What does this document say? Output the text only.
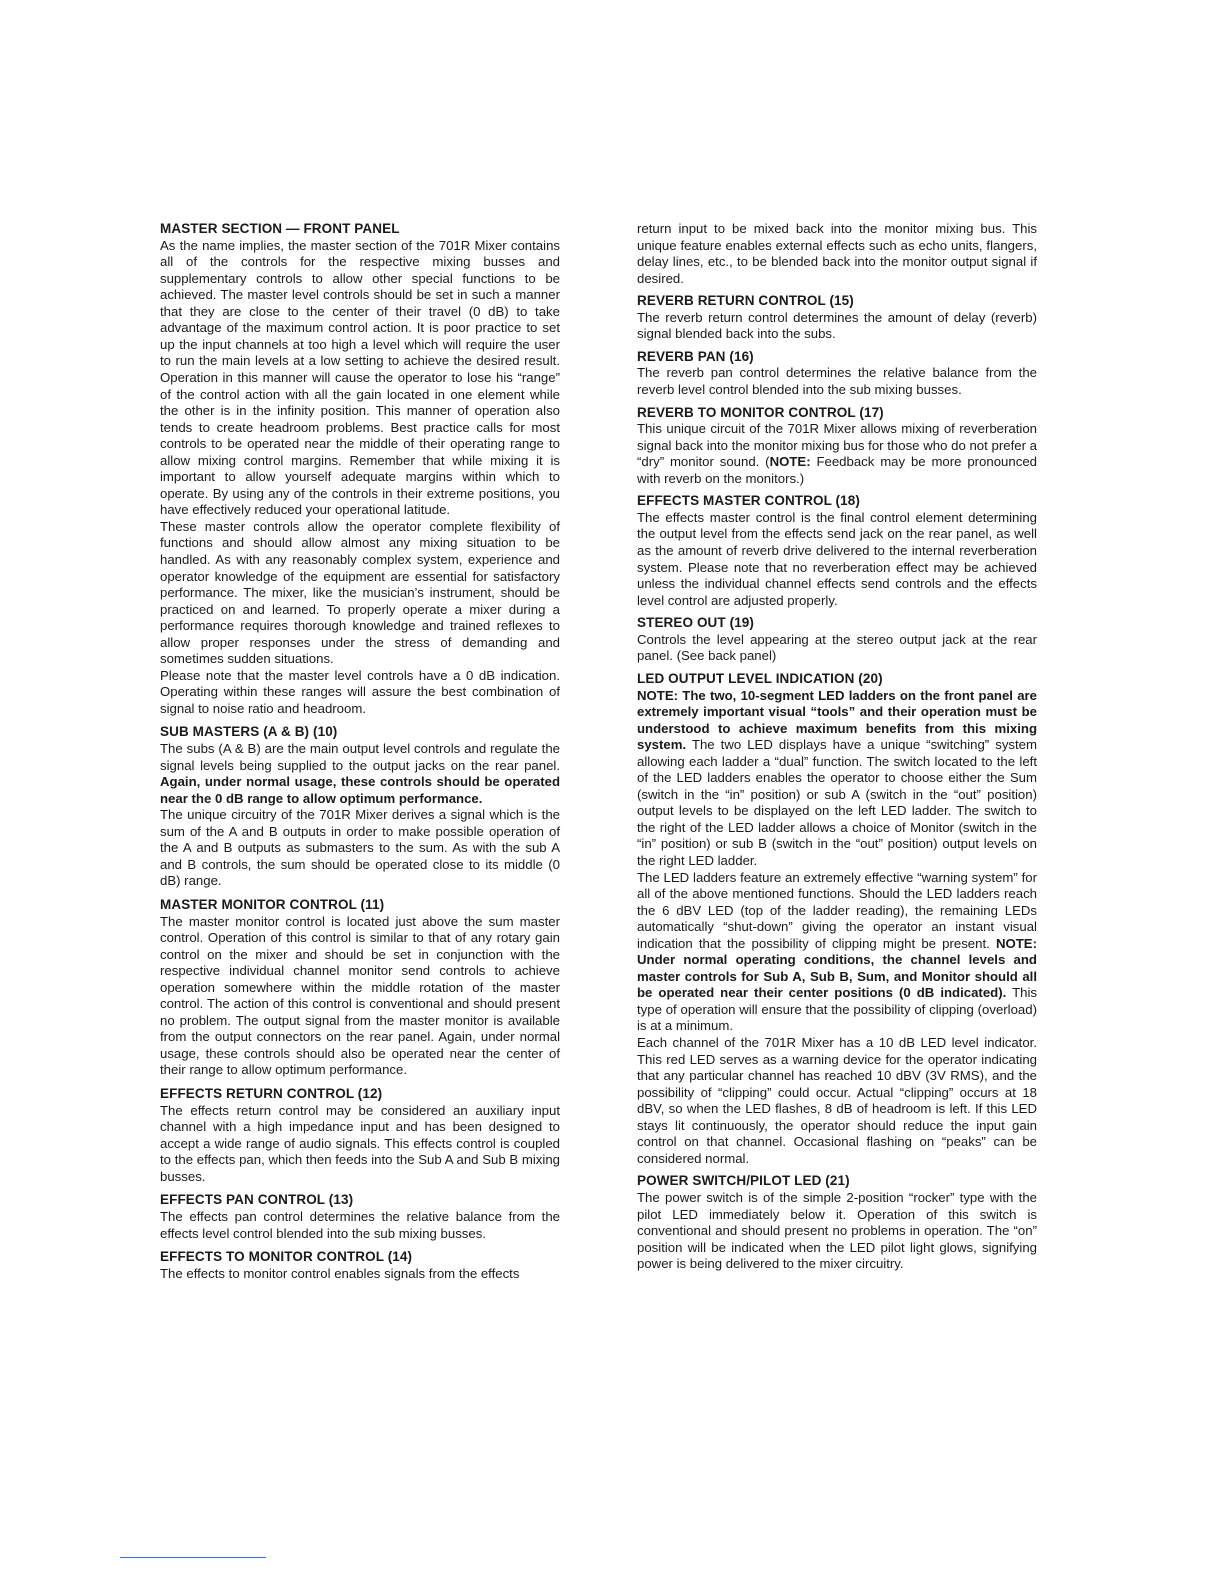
MASTER SECTION — FRONT PANEL

As the name implies, the master section of the 701R Mixer contains all of the controls for the respective mixing busses and supplementary controls to allow other special functions to be achieved. The master level controls should be set in such a manner that they are close to the center of their travel (0 dB) to take advantage of the maximum control action. It is poor practice to set up the input channels at too high a level which will require the user to run the main levels at a low setting to achieve the desired result. Operation in this manner will cause the operator to lose his “range” of the control action with all the gain located in one element while the other is in the infinity position. This manner of operation also tends to create headroom problems. Best practice calls for most controls to be operated near the middle of their operating range to allow mixing control margins. Remember that while mixing it is important to allow yourself adequate margins within which to operate. By using any of the controls in their extreme positions, you have effectively reduced your operational latitude.

These master controls allow the operator complete flexibility of functions and should allow almost any mixing situation to be handled. As with any reasonably complex system, experience and operator knowledge of the equipment are essential for satisfactory performance. The mixer, like the musician’s instrument, should be practiced on and learned. To properly operate a mixer during a performance requires thorough knowledge and trained reflexes to allow proper responses under the stress of demanding and sometimes sudden situations.

Please note that the master level controls have a 0 dB indication. Operating within these ranges will assure the best combination of signal to noise ratio and headroom.

SUB MASTERS (A & B) (10)

The subs (A & B) are the main output level controls and regulate the signal levels being supplied to the output jacks on the rear panel. Again, under normal usage, these controls should be operated near the 0 dB range to allow optimum performance.

The unique circuitry of the 701R Mixer derives a signal which is the sum of the A and B outputs in order to make possible operation of the A and B outputs as submasters to the sum. As with the sub A and B controls, the sum should be operated close to its middle (0 dB) range.

MASTER MONITOR CONTROL (11)

The master monitor control is located just above the sum master control. Operation of this control is similar to that of any rotary gain control on the mixer and should be set in conjunction with the respective individual channel monitor send controls to achieve operation somewhere within the middle rotation of the master control. The action of this control is conventional and should present no problem. The output signal from the master monitor is available from the output connectors on the rear panel. Again, under normal usage, these controls should also be operated near the center of their range to allow optimum performance.

EFFECTS RETURN CONTROL (12)

The effects return control may be considered an auxiliary input channel with a high impedance input and has been designed to accept a wide range of audio signals. This effects control is coupled to the effects pan, which then feeds into the Sub A and Sub B mixing busses.

EFFECTS PAN CONTROL (13)

The effects pan control determines the relative balance from the effects level control blended into the sub mixing busses.

EFFECTS TO MONITOR CONTROL (14)

The effects to monitor control enables signals from the effects

return input to be mixed back into the monitor mixing bus. This unique feature enables external effects such as echo units, flangers, delay lines, etc., to be blended back into the monitor output signal if desired.

REVERB RETURN CONTROL (15)

The reverb return control determines the amount of delay (reverb) signal blended back into the subs.

REVERB PAN (16)

The reverb pan control determines the relative balance from the reverb level control blended into the sub mixing busses.

REVERB TO MONITOR CONTROL (17)

This unique circuit of the 701R Mixer allows mixing of reverberation signal back into the monitor mixing bus for those who do not prefer a “dry” monitor sound. (NOTE: Feedback may be more pronounced with reverb on the monitors.)

EFFECTS MASTER CONTROL (18)

The effects master control is the final control element determining the output level from the effects send jack on the rear panel, as well as the amount of reverb drive delivered to the internal reverberation system. Please note that no reverberation effect may be achieved unless the individual channel effects send controls and the effects level control are adjusted properly.

STEREO OUT (19)

Controls the level appearing at the stereo output jack at the rear panel. (See back panel)

LED OUTPUT LEVEL INDICATION (20)

NOTE: The two, 10-segment LED ladders on the front panel are extremely important visual “tools” and their operation must be understood to achieve maximum benefits from this mixing system. The two LED displays have a unique “switching” system allowing each ladder a “dual” function. The switch located to the left of the LED ladders enables the operator to choose either the Sum (switch in the “in” position) or sub A (switch in the “out” position) output levels to be displayed on the left LED ladder. The switch to the right of the LED ladder allows a choice of Monitor (switch in the “in” position) or sub B (switch in the “out” position) output levels on the right LED ladder.

The LED ladders feature an extremely effective “warning system” for all of the above mentioned functions. Should the LED ladders reach the 6 dBV LED (top of the ladder reading), the remaining LEDs automatically “shut-down” giving the operator an instant visual indication that the possibility of clipping might be present. NOTE: Under normal operating conditions, the channel levels and master controls for Sub A, Sub B, Sum, and Monitor should all be operated near their center positions (0 dB indicated). This type of operation will ensure that the possibility of clipping (overload) is at a minimum.

Each channel of the 701R Mixer has a 10 dB LED level indicator. This red LED serves as a warning device for the operator indicating that any particular channel has reached 10 dBV (3V RMS), and the possibility of “clipping” could occur. Actual “clipping” occurs at 18 dBV, so when the LED flashes, 8 dB of headroom is left. If this LED stays lit continuously, the operator should reduce the input gain control on that channel. Occasional flashing on “peaks” can be considered normal.

POWER SWITCH/PILOT LED (21)

The power switch is of the simple 2-position “rocker” type with the pilot LED immediately below it. Operation of this switch is conventional and should present no problems in operation. The “on” position will be indicated when the LED pilot light glows, signifying power is being delivered to the mixer circuitry.
